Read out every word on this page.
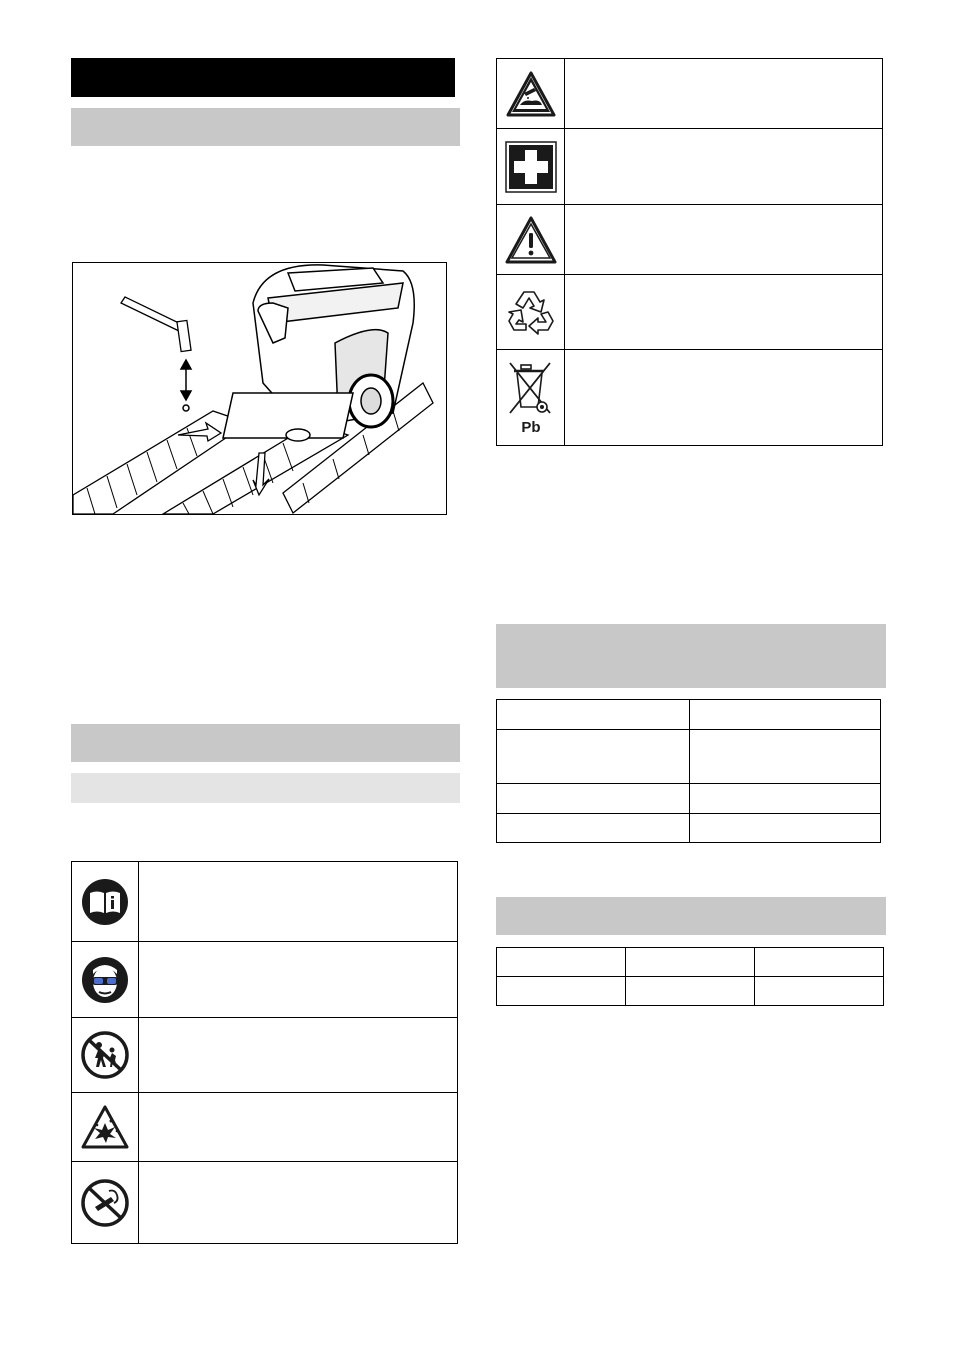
Pb	
